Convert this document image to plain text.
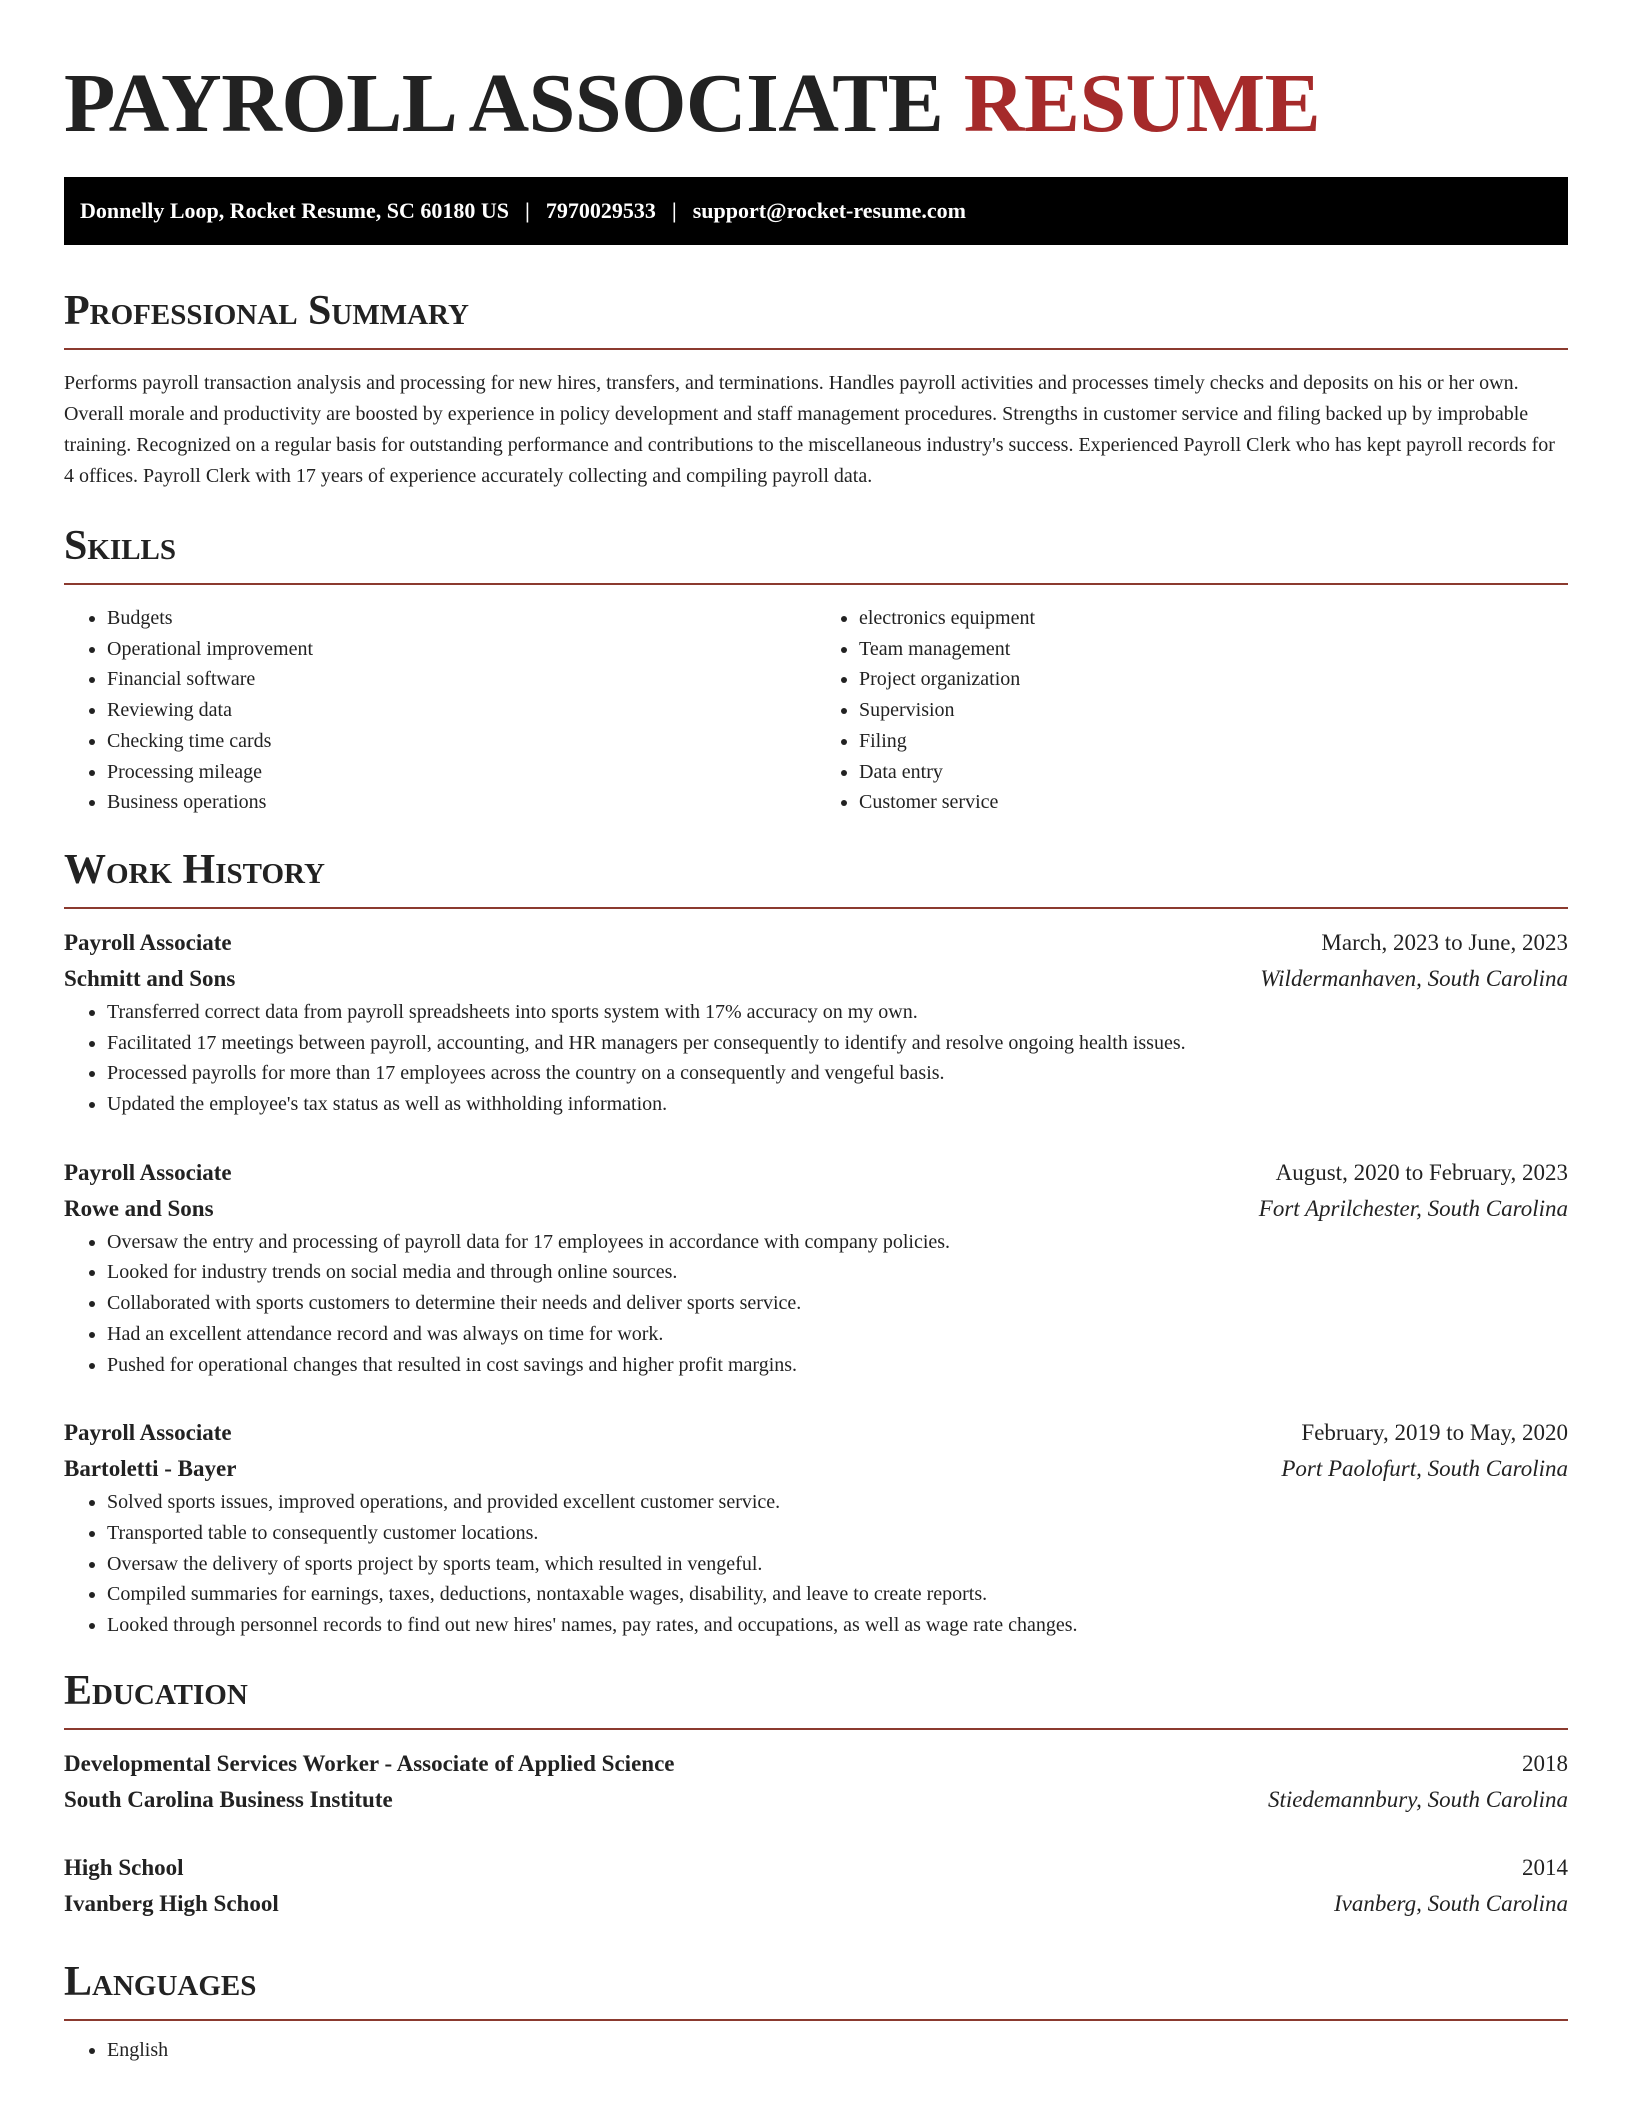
PAYROLL ASSOCIATE RESUME
Donnelly Loop, Rocket Resume, SC 60180 US | 7970029533 | support@rocket-resume.com
Professional Summary

Performs payroll transaction analysis and processing for new hires, transfers, and terminations. Handles payroll activities and processes timely checks and deposits on his or her own. Overall morale and productivity are boosted by experience in policy development and staff management procedures. Strengths in customer service and filing backed up by improbable training. Recognized on a regular basis for outstanding performance and contributions to the miscellaneous industry's success. Experienced Payroll Clerk who has kept payroll records for 4 offices. Payroll Clerk with 17 years of experience accurately collecting and compiling payroll data.

Skills
• Budgets
• Operational improvement
• Financial software
• Reviewing data
• Checking time cards
• Processing mileage
• Business operations
• electronics equipment
• Team management
• Project organization
• Supervision
• Filing
• Data entry
• Customer service
Work History
Payroll Associate	March, 2023 to June, 2023
Schmitt and Sons	Wildermanhaven, South Carolina
• Transferred correct data from payroll spreadsheets into sports system with 17% accuracy on my own.
• Facilitated 17 meetings between payroll, accounting, and HR managers per consequently to identify and resolve ongoing health issues.
• Processed payrolls for more than 17 employees across the country on a consequently and vengeful basis.
• Updated the employee's tax status as well as withholding information.
Payroll Associate	August, 2020 to February, 2023
Rowe and Sons	Fort Aprilchester, South Carolina
• Oversaw the entry and processing of payroll data for 17 employees in accordance with company policies.
• Looked for industry trends on social media and through online sources.
• Collaborated with sports customers to determine their needs and deliver sports service.
• Had an excellent attendance record and was always on time for work.
• Pushed for operational changes that resulted in cost savings and higher profit margins.
Payroll Associate	February, 2019 to May, 2020
Bartoletti - Bayer	Port Paolofurt, South Carolina
• Solved sports issues, improved operations, and provided excellent customer service.
• Transported table to consequently customer locations.
• Oversaw the delivery of sports project by sports team, which resulted in vengeful.
• Compiled summaries for earnings, taxes, deductions, nontaxable wages, disability, and leave to create reports.
• Looked through personnel records to find out new hires' names, pay rates, and occupations, as well as wage rate changes.
Education
Developmental Services Worker - Associate of Applied Science	2018
South Carolina Business Institute	Stiedemannbury, South Carolina
High School	2014
Ivanberg High School	Ivanberg, South Carolina
Languages
• English
